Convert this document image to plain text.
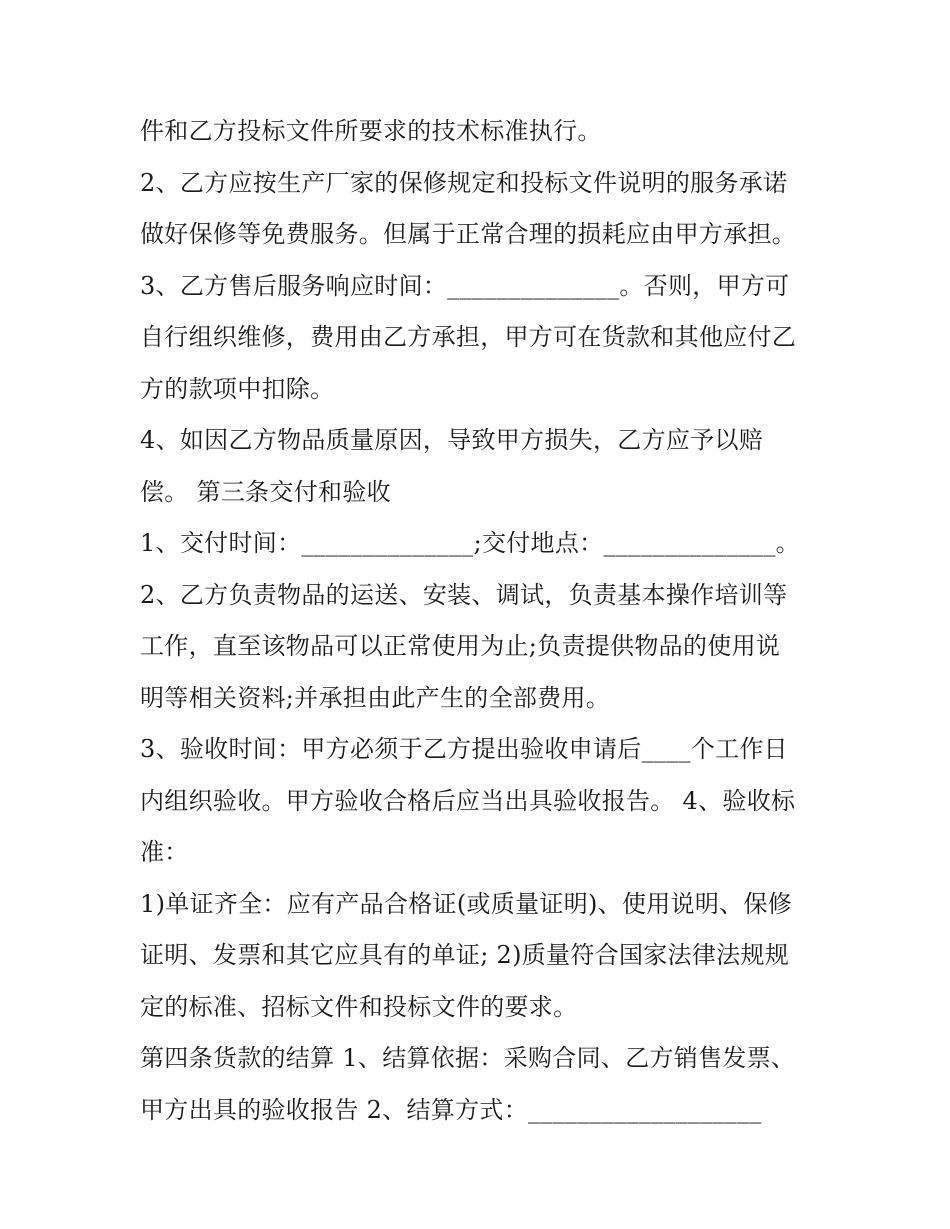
件和乙方投标文件所要求的技术标准执行。
2、乙方应按生产厂家的保修规定和投标文件说明的服务承诺
做好保修等免费服务。但属于正常合理的损耗应由甲方承担。
3、乙方售后服务响应时间：______________。否则，甲方可
自行组织维修，费用由乙方承担，甲方可在货款和其他应付乙
方的款项中扣除。
4、如因乙方物品质量原因，导致甲方损失，乙方应予以赔
偿。 第三条交付和验收
1、交付时间：______________;交付地点：______________。
2、乙方负责物品的运送、安装、调试，负责基本操作培训等
工作，直至该物品可以正常使用为止;负责提供物品的使用说
明等相关资料;并承担由此产生的全部费用。
3、验收时间：甲方必须于乙方提出验收申请后____个工作日
内组织验收。甲方验收合格后应当出具验收报告。 4、验收标
准：
1)单证齐全：应有产品合格证(或质量证明)、使用说明、保修
证明、发票和其它应具有的单证; 2)质量符合国家法律法规规
定的标准、招标文件和投标文件的要求。
第四条货款的结算 1、结算依据：采购合同、乙方销售发票、
甲方出具的验收报告 2、结算方式：___________________
